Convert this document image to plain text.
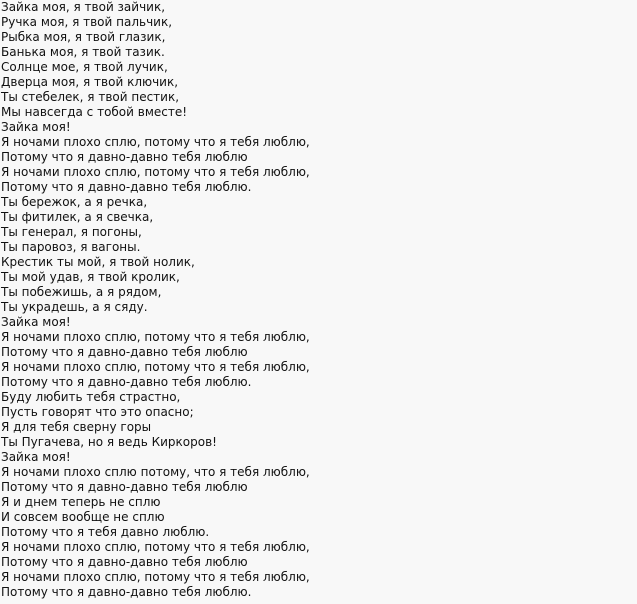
Зайка моя, я твой зайчик,
Ручка моя, я твой пальчик,
Рыбка моя, я твой глазик,
Банька моя, я твой тазик.
Солнце мое, я твой лучик,
Дверца моя, я твой ключик,
Ты стебелек, я твой пестик,
Мы навсегда с тобой вместе!
Зайка моя!
Я ночами плохо сплю, потому что я тебя люблю,
Потому что я давно-давно тебя люблю
Я ночами плохо сплю, потому что я тебя люблю,
Потому что я давно-давно тебя люблю.
Ты бережок, а я речка,
Ты фитилек, а я свечка,
Ты генерал, я погоны,
Ты паровоз, я вагоны.
Крестик ты мой, я твой нолик,
Ты мой удав, я твой кролик,
Ты побежишь, а я рядом,
Ты украдешь, а я сяду.
Зайка моя!
Я ночами плохо сплю, потому что я тебя люблю,
Потому что я давно-давно тебя люблю
Я ночами плохо сплю, потому что я тебя люблю,
Потому что я давно-давно тебя люблю.
Буду любить тебя страстно,
Пусть говорят что это опасно;
Я для тебя сверну горы
Ты Пугачева, но я ведь Киркоров!
Зайка моя!
Я ночами плохо сплю потому, что я тебя люблю,
Потому что я давно-давно тебя люблю
Я и днем теперь не сплю
И совсем вообще не сплю
Потому что я тебя давно люблю.
Я ночами плохо сплю, потому что я тебя люблю,
Потому что я давно-давно тебя люблю
Я ночами плохо сплю, потому что я тебя люблю,
Потому что я давно-давно тебя люблю.
